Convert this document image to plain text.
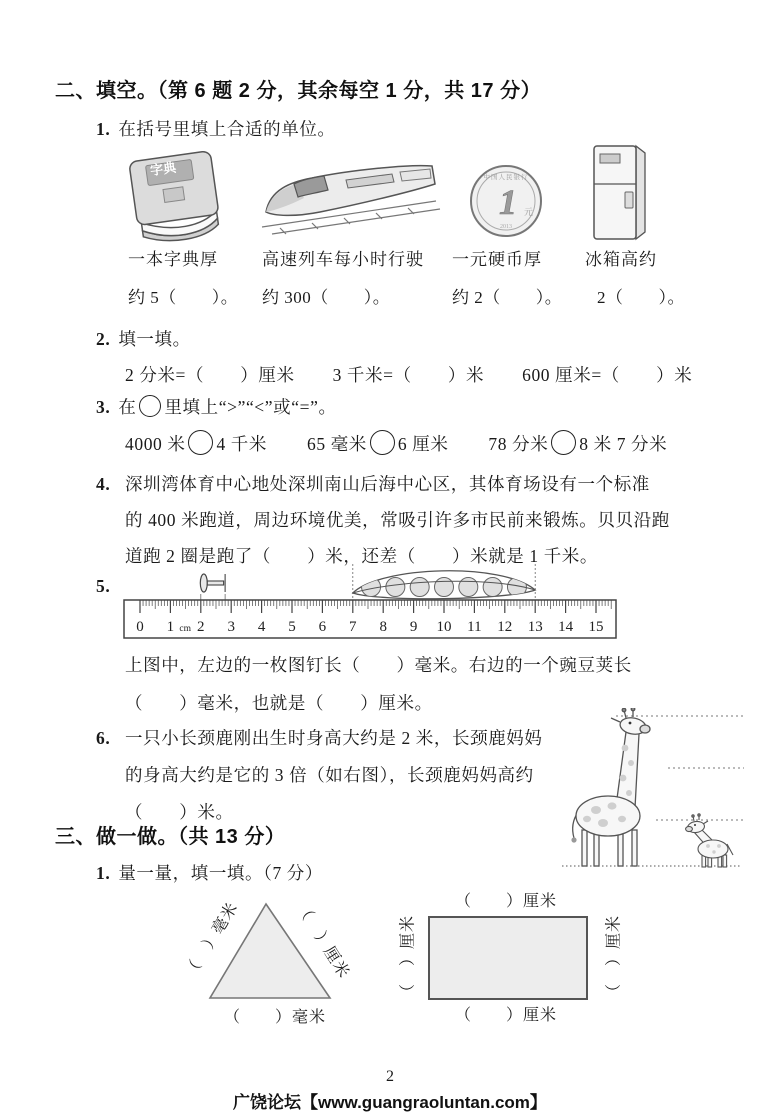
二、填空。（第 6 题 2 分，其余每空 1 分，共 17 分）
1. 在括号里填上合适的单位。
字典	中国人民银行
1 元
2013
一本字典厚	高速列车每小时行驶 一元硬币厚	冰箱高约
约 5（　　）。 约 300（　　）。	约 2（　　）。 2（　　）。
2. 填一填。
2 分米=（　　）厘米 3 千米=（　　）米 600 厘米=（　　）米
3. 在 里填上“>”“<”或“=”。
4000 米 4 千米 65 毫米 6 厘米 78 分米 8 米 7 分米
4. 深圳湾体育中心地处深圳南山后海中心区，其体育场设有一个标准
的 400 米跑道，周边环境优美，常吸引许多市民前来锻炼。贝贝沿跑
道跑 2 圈是跑了（　　）米，还差（　　）米就是 1 千米。
5.
0 1 2 3 4 5 6 7 8 9 10 11 12 13 14 15
cm
上图中，左边的一枚图钉长（　　）毫米。右边的一个豌豆荚长
（　　）毫米，也就是（　　）厘米。
6. 一只小长颈鹿刚出生时身高大约是 2 米，长颈鹿妈妈
的身高大约是它的 3 倍（如右图），长颈鹿妈妈高约
（　　）米。
三、做一做。（共 13 分）
1. 量一量，填一填。（7 分）
（　）毫米	（　）厘米
（　　）毫米
（　　）厘米
（　　）厘米
（　）厘米	（　）厘米
2
广饶论坛【www.guangraoluntan.com】
